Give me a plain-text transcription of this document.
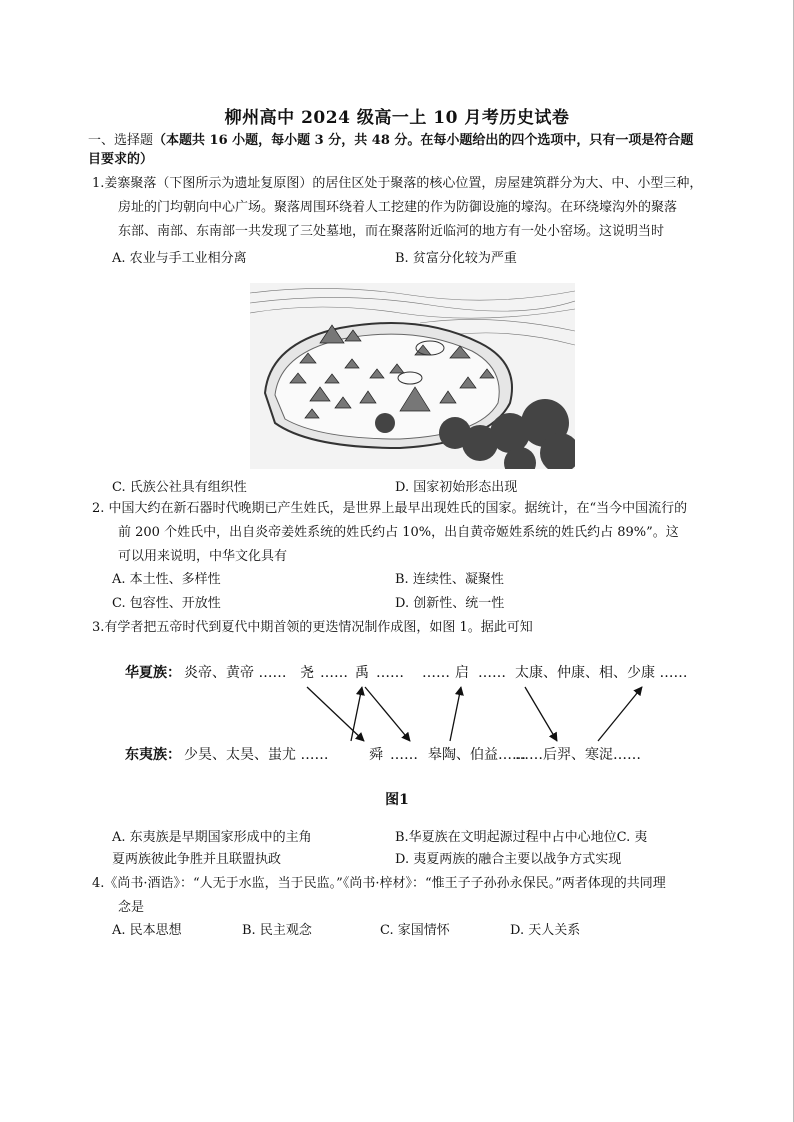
柳州高中 2024 级高一上 10 月考历史试卷
一、选择题（本题共 16 小题，每小题 3 分，共 48 分。在每小题给出的四个选项中，只有一项是符合题
目要求的）
1.姜寨聚落（下图所示为遗址复原图）的居住区处于聚落的核心位置，房屋建筑群分为大、中、小型三种，
房址的门均朝向中心广场。聚落周围环绕着人工挖建的作为防御设施的壕沟。在环绕壕沟外的聚落
东部、南部、东南部一共发现了三处墓地，而在聚落附近临河的地方有一处小窑场。这说明当时
A. 农业与手工业相分离	B. 贫富分化较为严重
C. 氏族公社具有组织性	D. 国家初始形态出现
2. 中国大约在新石器时代晚期已产生姓氏，是世界上最早出现姓氏的国家。据统计，在“当今中国流行的
前 200 个姓氏中，出自炎帝姜姓系统的姓氏约占 10%，出自黄帝姬姓系统的姓氏约占 89%”。这
可以用来说明，中华文化具有
A. 本土性、多样性	B. 连续性、凝聚性
C. 包容性、开放性	D. 创新性、统一性
3.有学者把五帝时代到夏代中期首领的更迭情况制作成图，如图 1。据此可知
华夏族： 炎帝、黄帝 …… 尧 …… 禹 …… …… 启 …… 太康、仲康、相、少康 ……
东夷族： 少昊、太昊、蚩尤 ……	舜 …… 皋陶、伯益……
……后羿、寒浞……
图1
A. 东夷族是早期国家形成中的主角	B.华夏族在文明起源过程中占中心地位C. 夷
夏两族彼此争胜并且联盟执政	D. 夷夏两族的融合主要以战争方式实现
4.《尚书·酒诰》：“人无于水监，当于民监。”《尚书·梓材》：“惟王子子孙孙永保民。”两者体现的共同理
念是
A. 民本思想	B. 民主观念	C. 家国情怀	D. 天人关系
